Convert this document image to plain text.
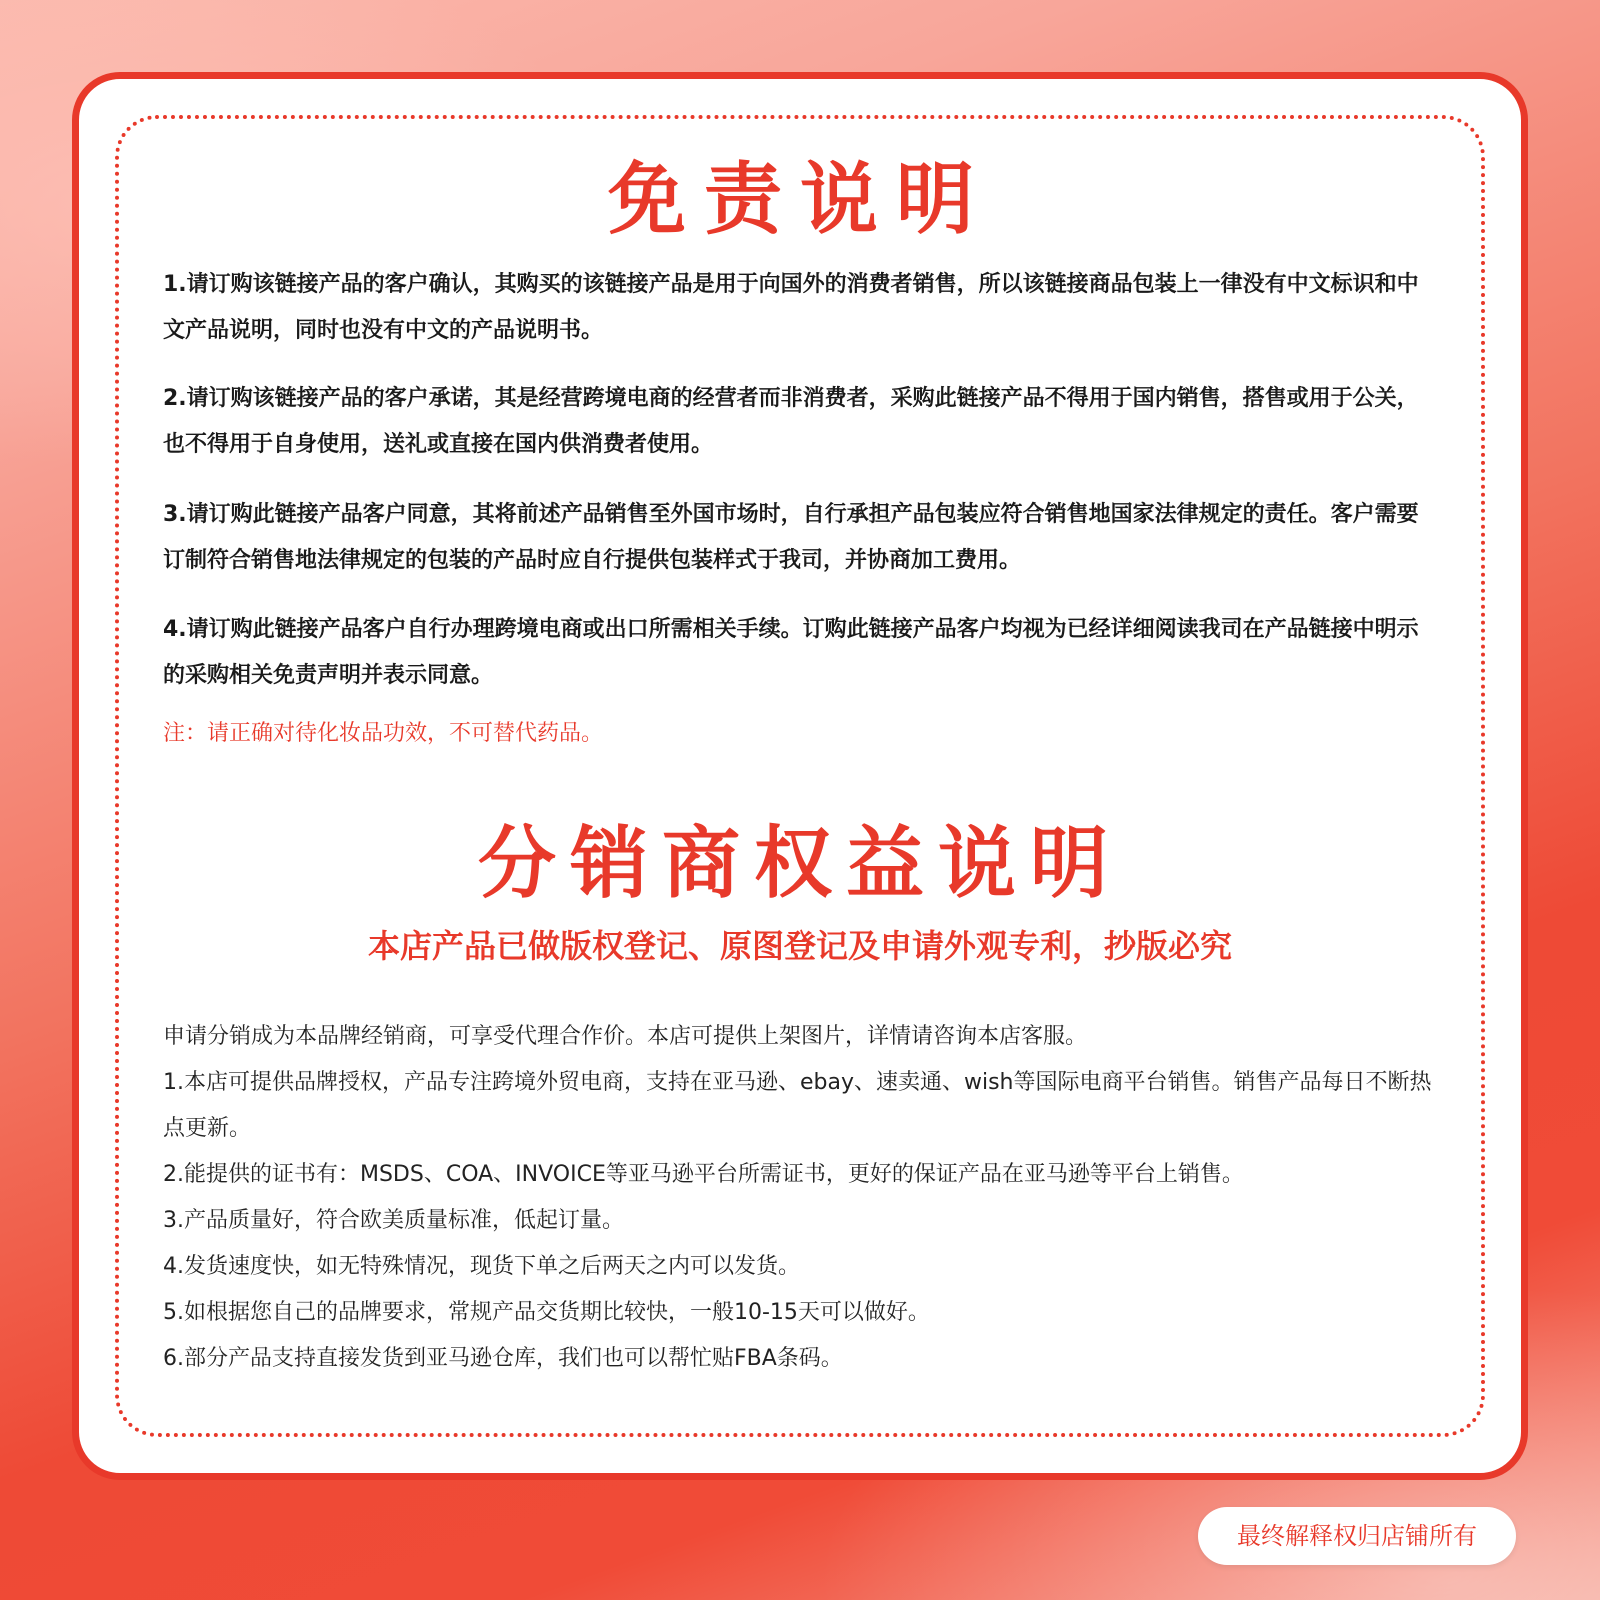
免责说明

1.请订购该链接产品的客户确认，其购买的该链接产品是用于向国外的消费者销售，所以该链接商品包装上一律没有中文标识和中文产品说明，同时也没有中文的产品说明书。

2.请订购该链接产品的客户承诺，其是经营跨境电商的经营者而非消费者，采购此链接产品不得用于国内销售，搭售或用于公关，也不得用于自身使用，送礼或直接在国内供消费者使用。

3.请订购此链接产品客户同意，其将前述产品销售至外国市场时，自行承担产品包装应符合销售地国家法律规定的责任。客户需要订制符合销售地法律规定的包装的产品时应自行提供包装样式于我司，并协商加工费用。

4.请订购此链接产品客户自行办理跨境电商或出口所需相关手续。订购此链接产品客户均视为已经详细阅读我司在产品链接中明示的采购相关免责声明并表示同意。

注：请正确对待化妆品功效，不可替代药品。
分销商权益说明
本店产品已做版权登记、原图登记及申请外观专利，抄版必究

申请分销成为本品牌经销商，可享受代理合作价。本店可提供上架图片，详情请咨询本店客服。

1.本店可提供品牌授权，产品专注跨境外贸电商，支持在亚马逊、ebay、速卖通、wish等国际电商平台销售。销售产品每日不断热点更新。

2.能提供的证书有：MSDS、COA、INVOICE等亚马逊平台所需证书，更好的保证产品在亚马逊等平台上销售。

3.产品质量好，符合欧美质量标准，低起订量。

4.发货速度快，如无特殊情况，现货下单之后两天之内可以发货。

5.如根据您自己的品牌要求，常规产品交货期比较快，一般10-15天可以做好。

6.部分产品支持直接发货到亚马逊仓库，我们也可以帮忙贴FBA条码。

最终解释权归店铺所有
